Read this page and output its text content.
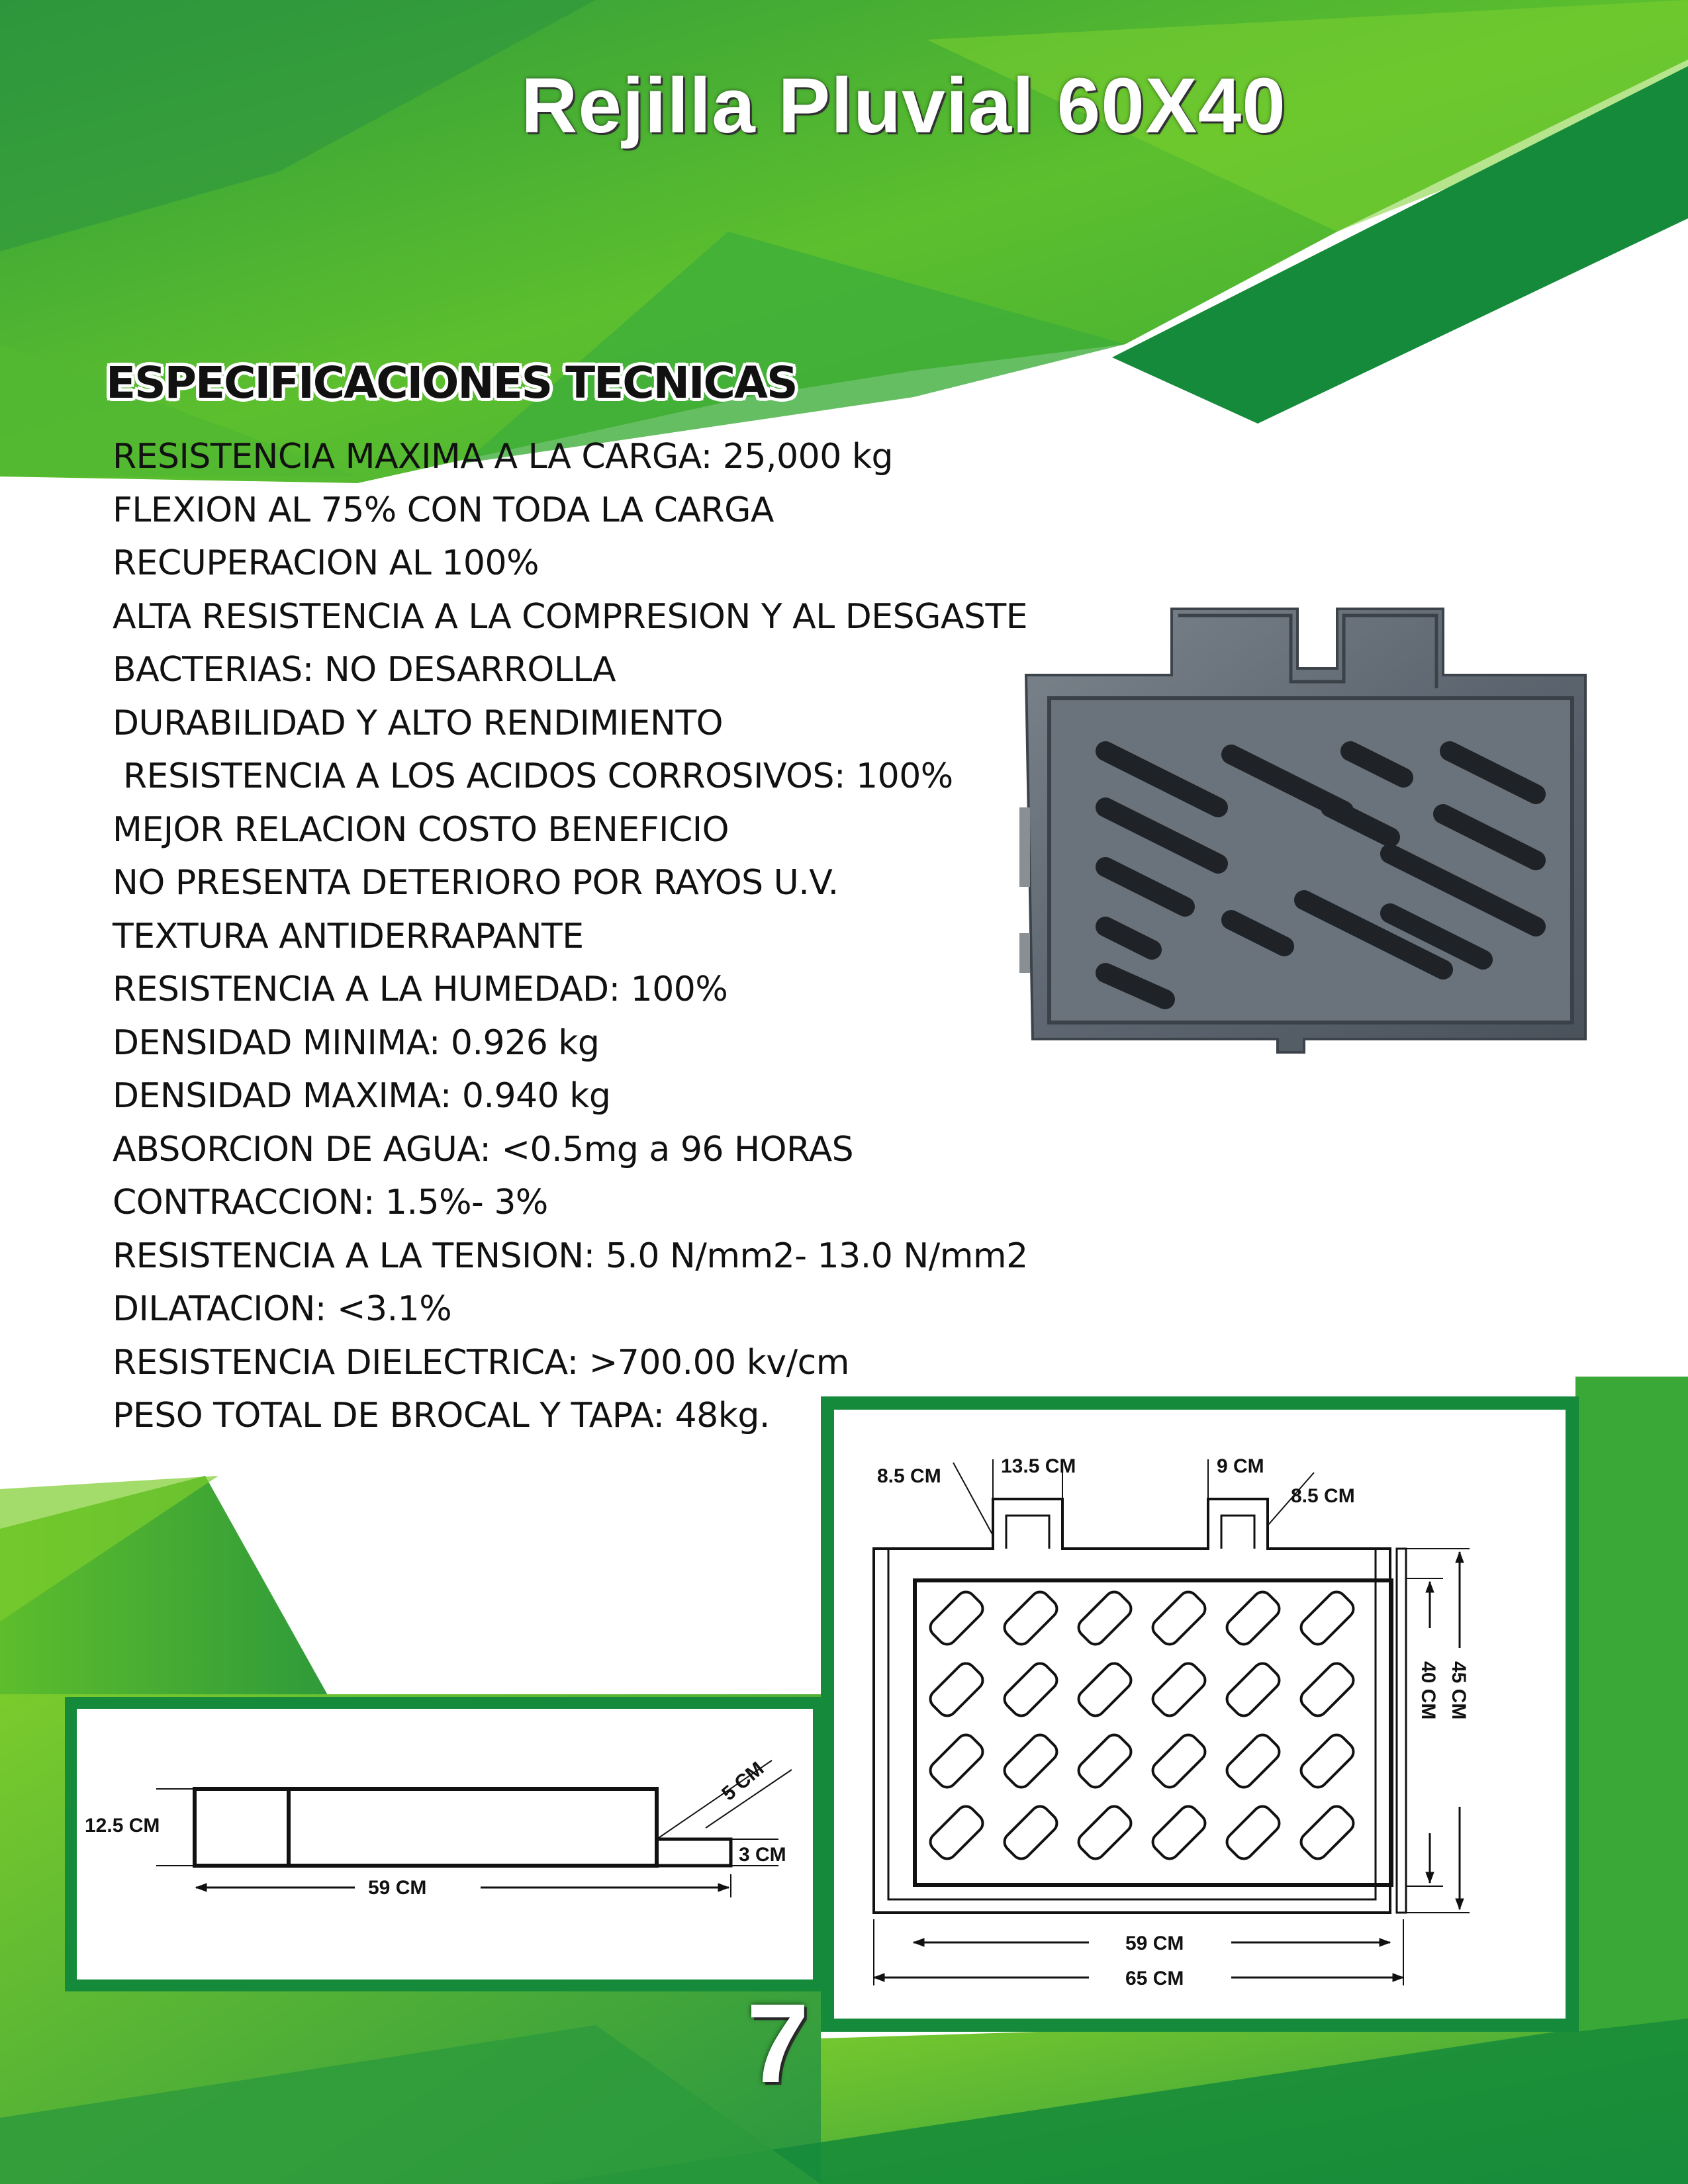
Rejilla Pluvial 60X40
ESPECIFICACIONES TECNICAS
RESISTENCIA MAXIMA A LA CARGA: 25,000 kg
FLEXION AL 75% CON TODA LA CARGA
RECUPERACION AL 100%
ALTA RESISTENCIA A LA COMPRESION Y AL DESGASTE
BACTERIAS: NO DESARROLLA
DURABILIDAD Y ALTO RENDIMIENTO
RESISTENCIA A LOS ACIDOS CORROSIVOS: 100%
MEJOR RELACION COSTO BENEFICIO
NO PRESENTA DETERIORO POR RAYOS U.V.
TEXTURA ANTIDERRAPANTE
RESISTENCIA A LA HUMEDAD: 100%
DENSIDAD MINIMA: 0.926 kg
DENSIDAD MAXIMA: 0.940 kg
ABSORCION DE AGUA: <0.5mg a 96 HORAS
CONTRACCION: 1.5%- 3%
RESISTENCIA A LA TENSION: 5.0 N/mm2- 13.0 N/mm2
DILATACION: <3.1%
RESISTENCIA DIELECTRICA: >700.00 kv/cm
PESO TOTAL DE BROCAL Y TAPA: 48kg.
12.5 CM
59 CM
5 CM
3 CM
8.5 CM	13.5 CM	9 CM
8.5 CM
40 CM 45 CM
59 CM
65 CM
7
